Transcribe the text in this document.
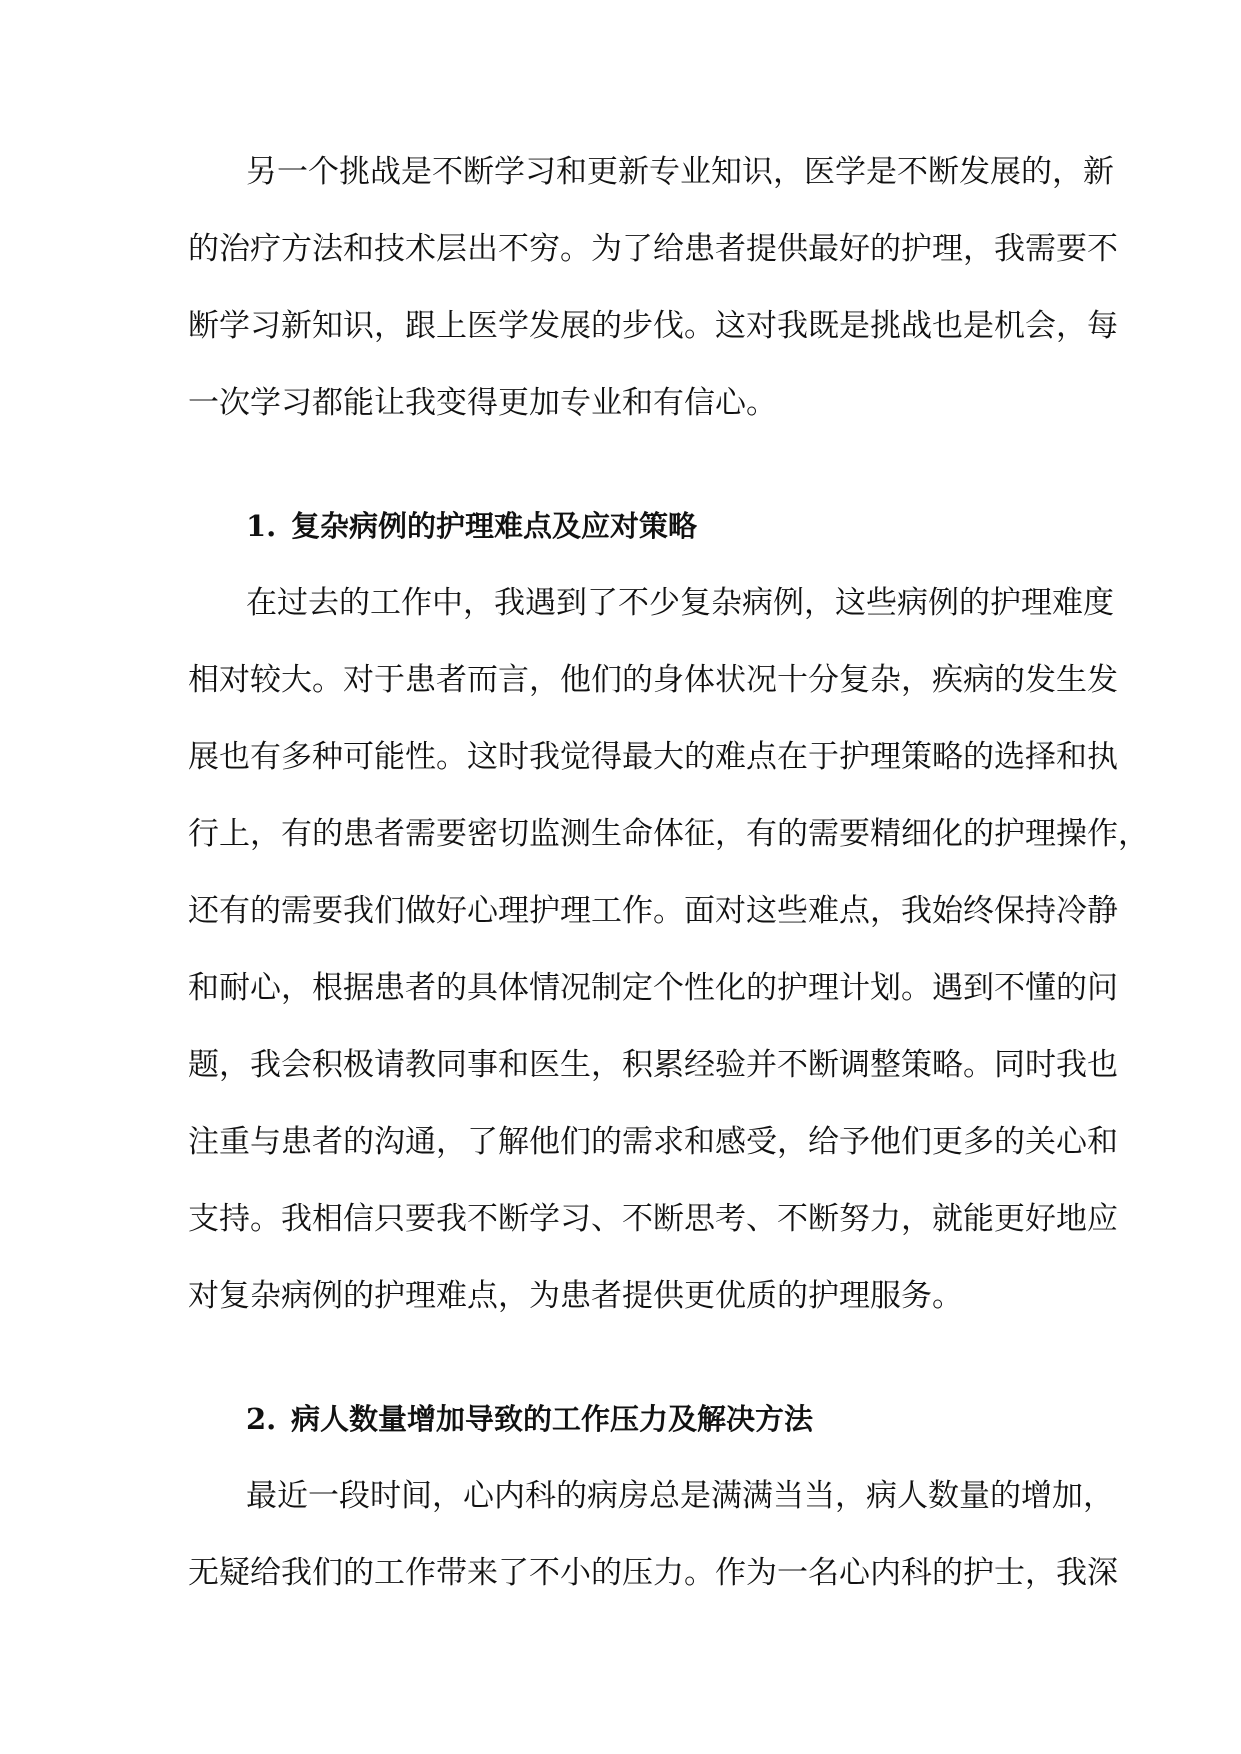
另一个挑战是不断学习和更新专业知识，医学是不断发展的，新
的治疗方法和技术层出不穷。为了给患者提供最好的护理，我需要不
断学习新知识，跟上医学发展的步伐。这对我既是挑战也是机会，每
一次学习都能让我变得更加专业和有信心。
1. 复杂病例的护理难点及应对策略
在过去的工作中，我遇到了不少复杂病例，这些病例的护理难度
相对较大。对于患者而言，他们的身体状况十分复杂，疾病的发生发
展也有多种可能性。这时我觉得最大的难点在于护理策略的选择和执
行上，有的患者需要密切监测生命体征，有的需要精细化的护理操作，
还有的需要我们做好心理护理工作。面对这些难点，我始终保持冷静
和耐心，根据患者的具体情况制定个性化的护理计划。遇到不懂的问
题，我会积极请教同事和医生，积累经验并不断调整策略。同时我也
注重与患者的沟通，了解他们的需求和感受，给予他们更多的关心和
支持。我相信只要我不断学习、不断思考、不断努力，就能更好地应
对复杂病例的护理难点，为患者提供更优质的护理服务。
2. 病人数量增加导致的工作压力及解决方法
最近一段时间，心内科的病房总是满满当当，病人数量的增加，
无疑给我们的工作带来了不小的压力。作为一名心内科的护士，我深
